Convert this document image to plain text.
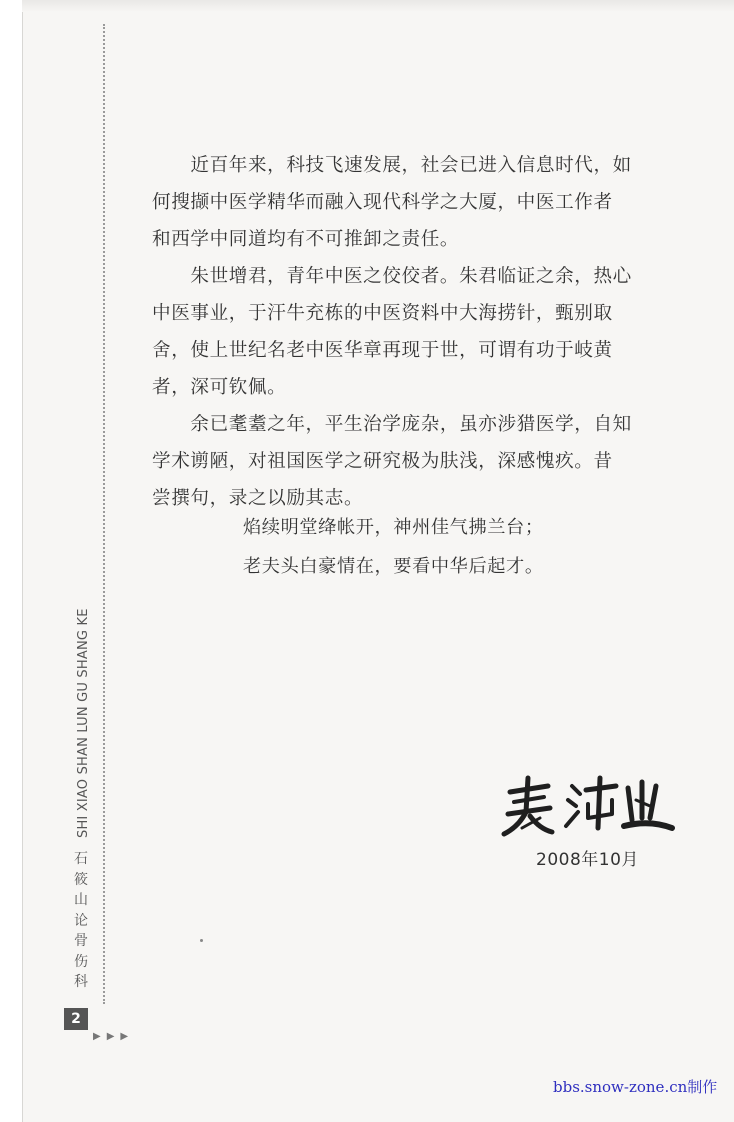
　　近百年来，科技飞速发展，社会已进入信息时代，如
何搜撷中医学精华而融入现代科学之大厦，中医工作者
和西学中同道均有不可推卸之责任。

　　朱世增君，青年中医之佼佼者。朱君临证之余，热心
中医事业，于汗牛充栋的中医资料中大海捞针，甄别取
舍，使上世纪名老中医华章再现于世，可谓有功于岐黄
者，深可钦佩。

　　余已耄耋之年，平生治学庞杂，虽亦涉猎医学，自知
学术谫陋，对祖国医学之研究极为肤浅，深感愧疚。昔
尝撰句，录之以励其志。

焰续明堂绛帐开，神州佳气拂兰台；
老夫头白豪情在，要看中华后起才。
2008年10月
SHI XIAO SHAN LUN GU SHANG KE
石筱山论骨伤科
2
▶▶▶
bbs.snow-zone.cn制作
